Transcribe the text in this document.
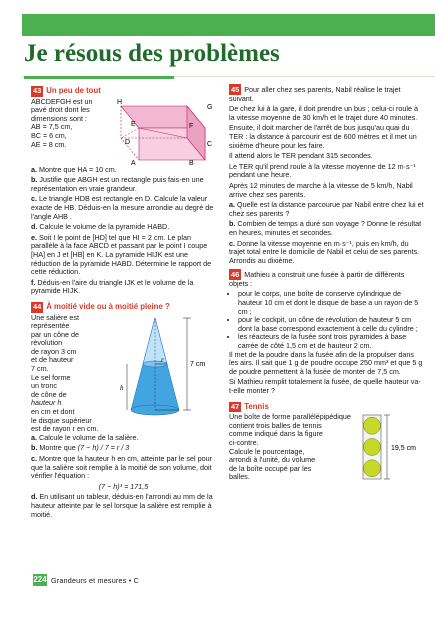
Je résous des problèmes
43 Un peu de tout
ABCDEFGH est un
pavé droit dont les
dimensions sont :
AB = 7,5 cm,
BC = 6 cm,
AE = 8 cm.
H
G
E	F
D	C
A	B

a. Montre que HA = 10 cm.

b. Justifie que ABGH est un rectangle puis fais-en une représentation en vraie grandeur.

c. Le triangle HDB est rectangle en D. Calcule la valeur exacte de HB. Déduis-en la mesure arrondie au degré de l'angle AHB .

d. Calcule le volume de la pyramide HABD.

e. Soit I le point de [HD] tel que HI = 2 cm. Le plan parallèle à la face ABCD et passant par le point I coupe [HA] en J et [HB] en K. La pyramide HIJK est une réduction de la pyramide HABD. Détermine le rapport de cette réduction.

f. Déduis-en l'aire du triangle IJK et le volume de la pyramide HIJK.

44 À moitié vide ou à moitié pleine ?
Une salière est
représentée
par un cône de
révolution
de rayon 3 cm
et de hauteur
7 cm.
Le sel forme
un tronc
de cône de
hauteur h
en cm et dont
le disque supérieur
est de rayon r en cm.
r
7 cm
h

a. Calcule le volume de la salière.

b. Montre que (7 − h) / 7 = r / 3

c. Montre que la hauteur h en cm, atteinte par le sel pour que la salière soit remplie à la moitié de son volume, doit vérifier l'équation :

(7 − h)³ = 171,5

d. En utilisant un tableur, déduis-en l'arrondi au mm de la hauteur atteinte par le sel lorsque la salière est remplie à moitié.

45 Pour aller chez ses parents, Nabil réalise le trajet suivant.

De chez lui à la gare, il doit prendre un bus ; celui-ci roule à la vitesse moyenne de 30 km/h et le trajet dure 40 minutes.

Ensuite, il doit marcher de l'arrêt de bus jusqu'au quai du TER : la distance à parcourir est de 600 mètres et il met un sixième d'heure pour les faire.

Il attend alors le TER pendant 315 secondes.

Le TER qu'il prend roule à la vitesse moyenne de 12 m·s⁻¹ pendant une heure.

Après 12 minutes de marche à la vitesse de 5 km/h, Nabil arrive chez ses parents.

a. Quelle est la distance parcourue par Nabil entre chez lui et chez ses parents ?

b. Combien de temps a duré son voyage ? Donne le résultat en heures, minutes et secondes.

c. Donne la vitesse moyenne en m·s⁻¹, puis en km/h, du trajet total entre le domicile de Nabil et celui de ses parents. Arrondis au dixième.

46 Mathieu a construit une fusée à partir de différents objets :

• pour le corps, une boîte de conserve cylindrique de hauteur 10 cm et dont le disque de base a un rayon de 5 cm ;
• pour le cockpit, un cône de révolution de hauteur 5 cm dont la base correspond exactement à celle du cylindre ;
• les réacteurs de la fusée sont trois pyramides à base carrée de côté 1,5 cm et de hauteur 2 cm.

Il met de la poudre dans la fusée afin de la propulser dans les airs. Il sait que 1 g de poudre occupe 250 mm³ et que 5 g de poudre permettent à la fusée de monter de 7,5 cm.

Si Mathieu remplit totalement la fusée, de quelle hauteur va-t-elle monter ?

47 Tennis
Une boîte de forme parallélépipédique
contient trois balles de tennis
comme indiqué dans la figure
ci-contre.
Calcule le pourcentage,
arrondi à l'unité, du volume
de la boîte occupé par les
balles.
19,5 cm
224 Grandeurs et mesures • C
